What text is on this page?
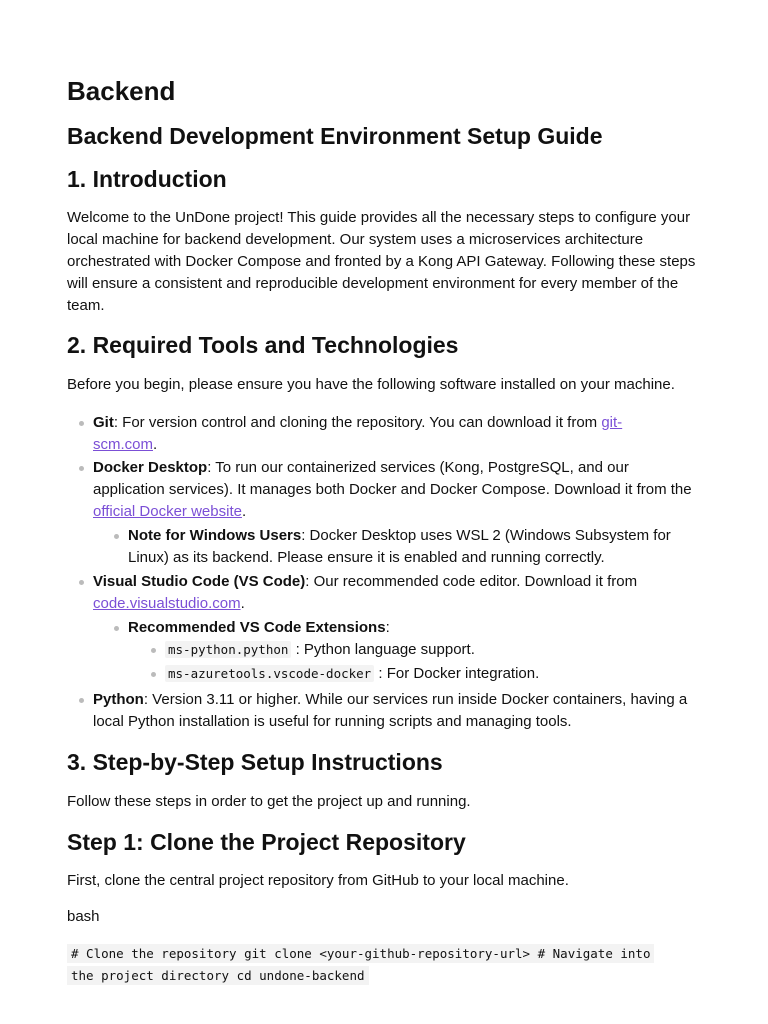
Backend
Backend Development Environment Setup Guide
1. Introduction

Welcome to the UnDone project! This guide provides all the necessary steps to configure your local machine for backend development. Our system uses a microservices architecture orchestrated with Docker Compose and fronted by a Kong API Gateway. Following these steps will ensure a consistent and reproducible development environment for every member of the team.

2. Required Tools and Technologies

Before you begin, please ensure you have the following software installed on your machine.

Git: For version control and cloning the repository. You can download it from git-
scm.com.
Docker Desktop: To run our containerized services (Kong, PostgreSQL, and our application services). It manages both Docker and Docker Compose. Download it from the official Docker website.
Note for Windows Users: Docker Desktop uses WSL 2 (Windows Subsystem for Linux) as its backend. Please ensure it is enabled and running correctly.
Visual Studio Code (VS Code): Our recommended code editor. Download it from code.visualstudio.com.
Recommended VS Code Extensions:
ms-python.python : Python language support.
ms-azuretools.vscode-docker : For Docker integration.
Python: Version 3.11 or higher. While our services run inside Docker containers, having a local Python installation is useful for running scripts and managing tools.
3. Step-by-Step Setup Instructions

Follow these steps in order to get the project up and running.

Step 1: Clone the Project Repository

First, clone the central project repository from GitHub to your local machine.

bash

# Clone the repository git clone <your-github-repository-url> # Navigate into
the project directory cd undone-backend
